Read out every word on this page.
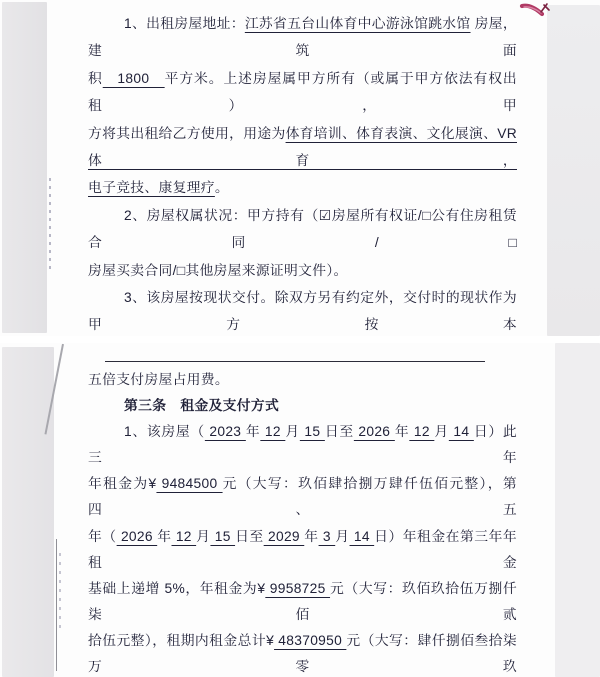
1、出租房屋地址：江苏省五台山体育中心游泳馆跳水馆 房屋，建筑面
积　1800　平方米。上述房屋属甲方所有（或属于甲方依法有权出租），甲
方将其出租给乙方使用，用途为体育培训、体育表演、文化展演、VR 体育，
电子竞技、康复理疗。
2、房屋权属状况：甲方持有（☑房屋所有权证/□公有住房租赁合同/□
房屋买卖合同/□其他房屋来源证明文件）。
3、该房屋按现状交付。除双方另有约定外，交付时的现状作为甲方按本
五倍支付房屋占用费。
第三条　租金及支付方式
1、该房屋（ 2023 年 12 月 15 日至 2026 年 12 月 14 日）此三年
年租金为¥ 9484500 元（大写：玖佰肆拾捌万肆仟伍佰元整），第四、五
年（ 2026 年 12 月 15 日至 2029 年 3 月 14 日）年租金在第三年年租金
基础上递增 5%，年租金为¥ 9958725 元（大写：玖佰玖拾伍万捌仟柒佰贰
拾伍元整），租期内租金总计¥ 48370950 元（大写：肆仟捌佰叁拾柒万零玖
